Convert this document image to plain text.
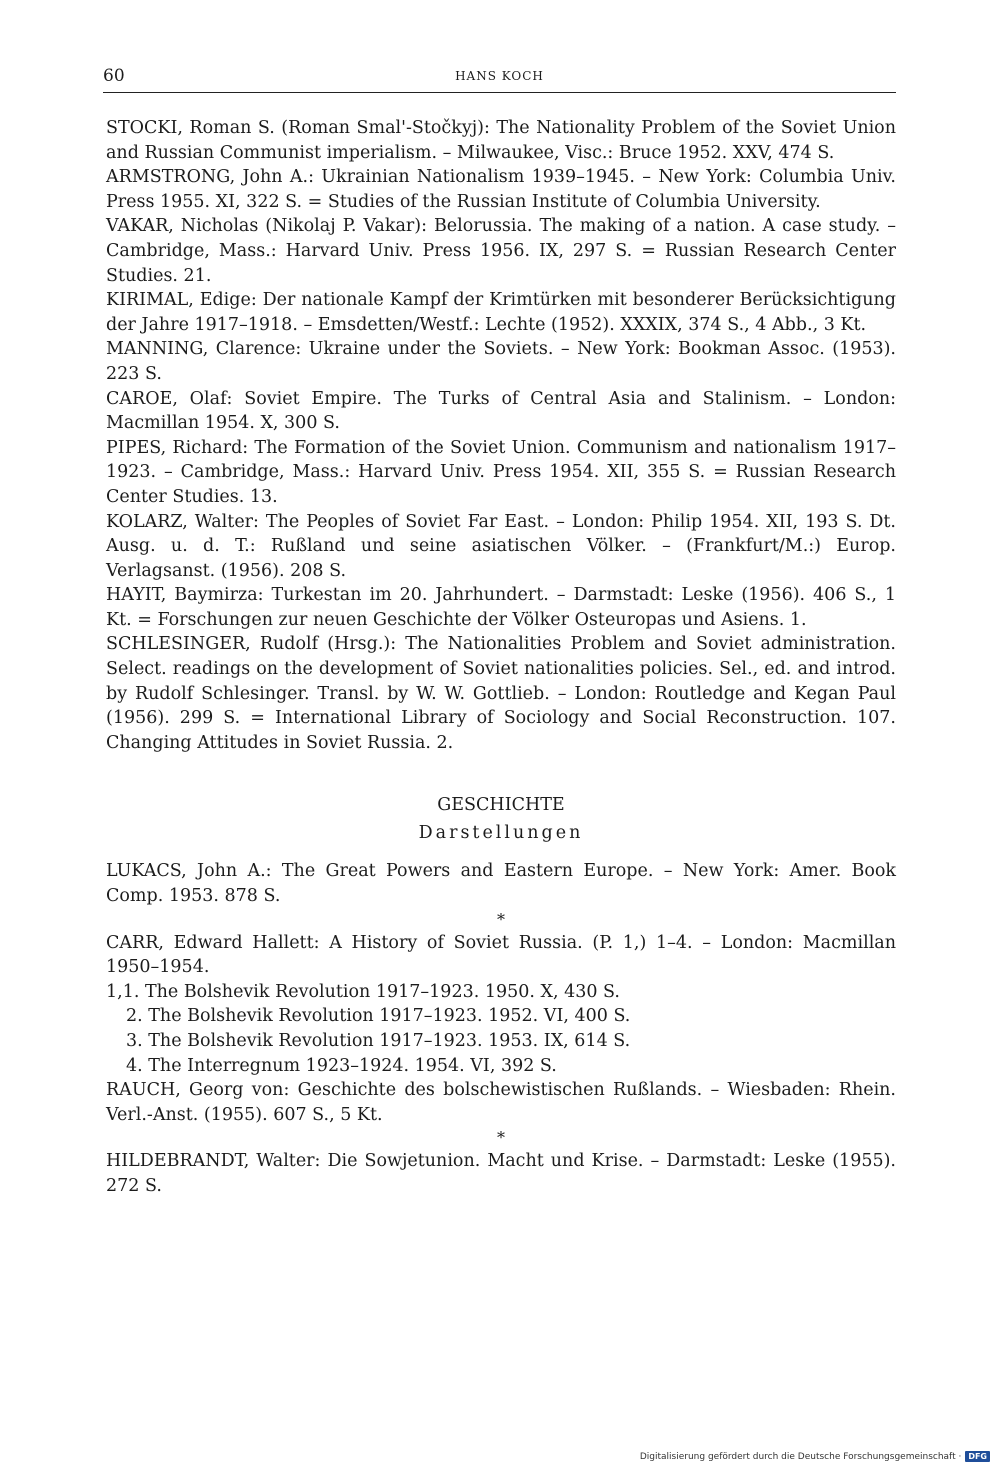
60	HANS KOCH

STOCKI, Roman S. (Roman Smal'-Stočkyj): The Nationality Problem of the Soviet Union and Russian Communist imperialism. – Milwaukee, Visc.: Bruce 1952. XXV, 474 S.

ARMSTRONG, John A.: Ukrainian Nationalism 1939–1945. – New York: Columbia Univ. Press 1955. XI, 322 S. = Studies of the Russian Institute of Columbia University.

VAKAR, Nicholas (Nikolaj P. Vakar): Belorussia. The making of a nation. A case study. – Cambridge, Mass.: Harvard Univ. Press 1956. IX, 297 S. = Russian Research Center Studies. 21.

KIRIMAL, Edige: Der nationale Kampf der Krimtürken mit besonderer Berücksichtigung der Jahre 1917–1918. – Emsdetten/Westf.: Lechte (1952). XXXIX, 374 S., 4 Abb., 3 Kt.

MANNING, Clarence: Ukraine under the Soviets. – New York: Bookman Assoc. (1953). 223 S.

CAROE, Olaf: Soviet Empire. The Turks of Central Asia and Stalinism. – London: Macmillan 1954. X, 300 S.

PIPES, Richard: The Formation of the Soviet Union. Communism and nationalism 1917–1923. – Cambridge, Mass.: Harvard Univ. Press 1954. XII, 355 S. = Russian Research Center Studies. 13.

KOLARZ, Walter: The Peoples of Soviet Far East. – London: Philip 1954. XII, 193 S. Dt. Ausg. u. d. T.: Rußland und seine asiatischen Völker. – (Frankfurt/M.:) Europ. Verlagsanst. (1956). 208 S.

HAYIT, Baymirza: Turkestan im 20. Jahrhundert. – Darmstadt: Leske (1956). 406 S., 1 Kt. = Forschungen zur neuen Geschichte der Völker Osteuropas und Asiens. 1.

SCHLESINGER, Rudolf (Hrsg.): The Nationalities Problem and Soviet administration. Select. readings on the development of Soviet nationalities policies. Sel., ed. and introd. by Rudolf Schlesinger. Transl. by W. W. Gottlieb. – London: Routledge and Kegan Paul (1956). 299 S. = International Library of Sociology and Social Reconstruction. 107. Changing Attitudes in Soviet Russia. 2.

GESCHICHTE
Darstellungen

LUKACS, John A.: The Great Powers and Eastern Europe. – New York: Amer. Book Comp. 1953. 878 S.

*

CARR, Edward Hallett: A History of Soviet Russia. (P. 1,) 1–4. – London: Macmillan 1950–1954.

1,1. The Bolshevik Revolution 1917–1923. 1950. X, 430 S.

2. The Bolshevik Revolution 1917–1923. 1952. VI, 400 S.

3. The Bolshevik Revolution 1917–1923. 1953. IX, 614 S.

4. The Interregnum 1923–1924. 1954. VI, 392 S.

RAUCH, Georg von: Geschichte des bolschewistischen Rußlands. – Wiesbaden: Rhein. Verl.-Anst. (1955). 607 S., 5 Kt.

*

HILDEBRANDT, Walter: Die Sowjetunion. Macht und Krise. – Darmstadt: Leske (1955). 272 S.

Digitalisierung gefördert durch die Deutsche Forschungsgemeinschaft · DFG
